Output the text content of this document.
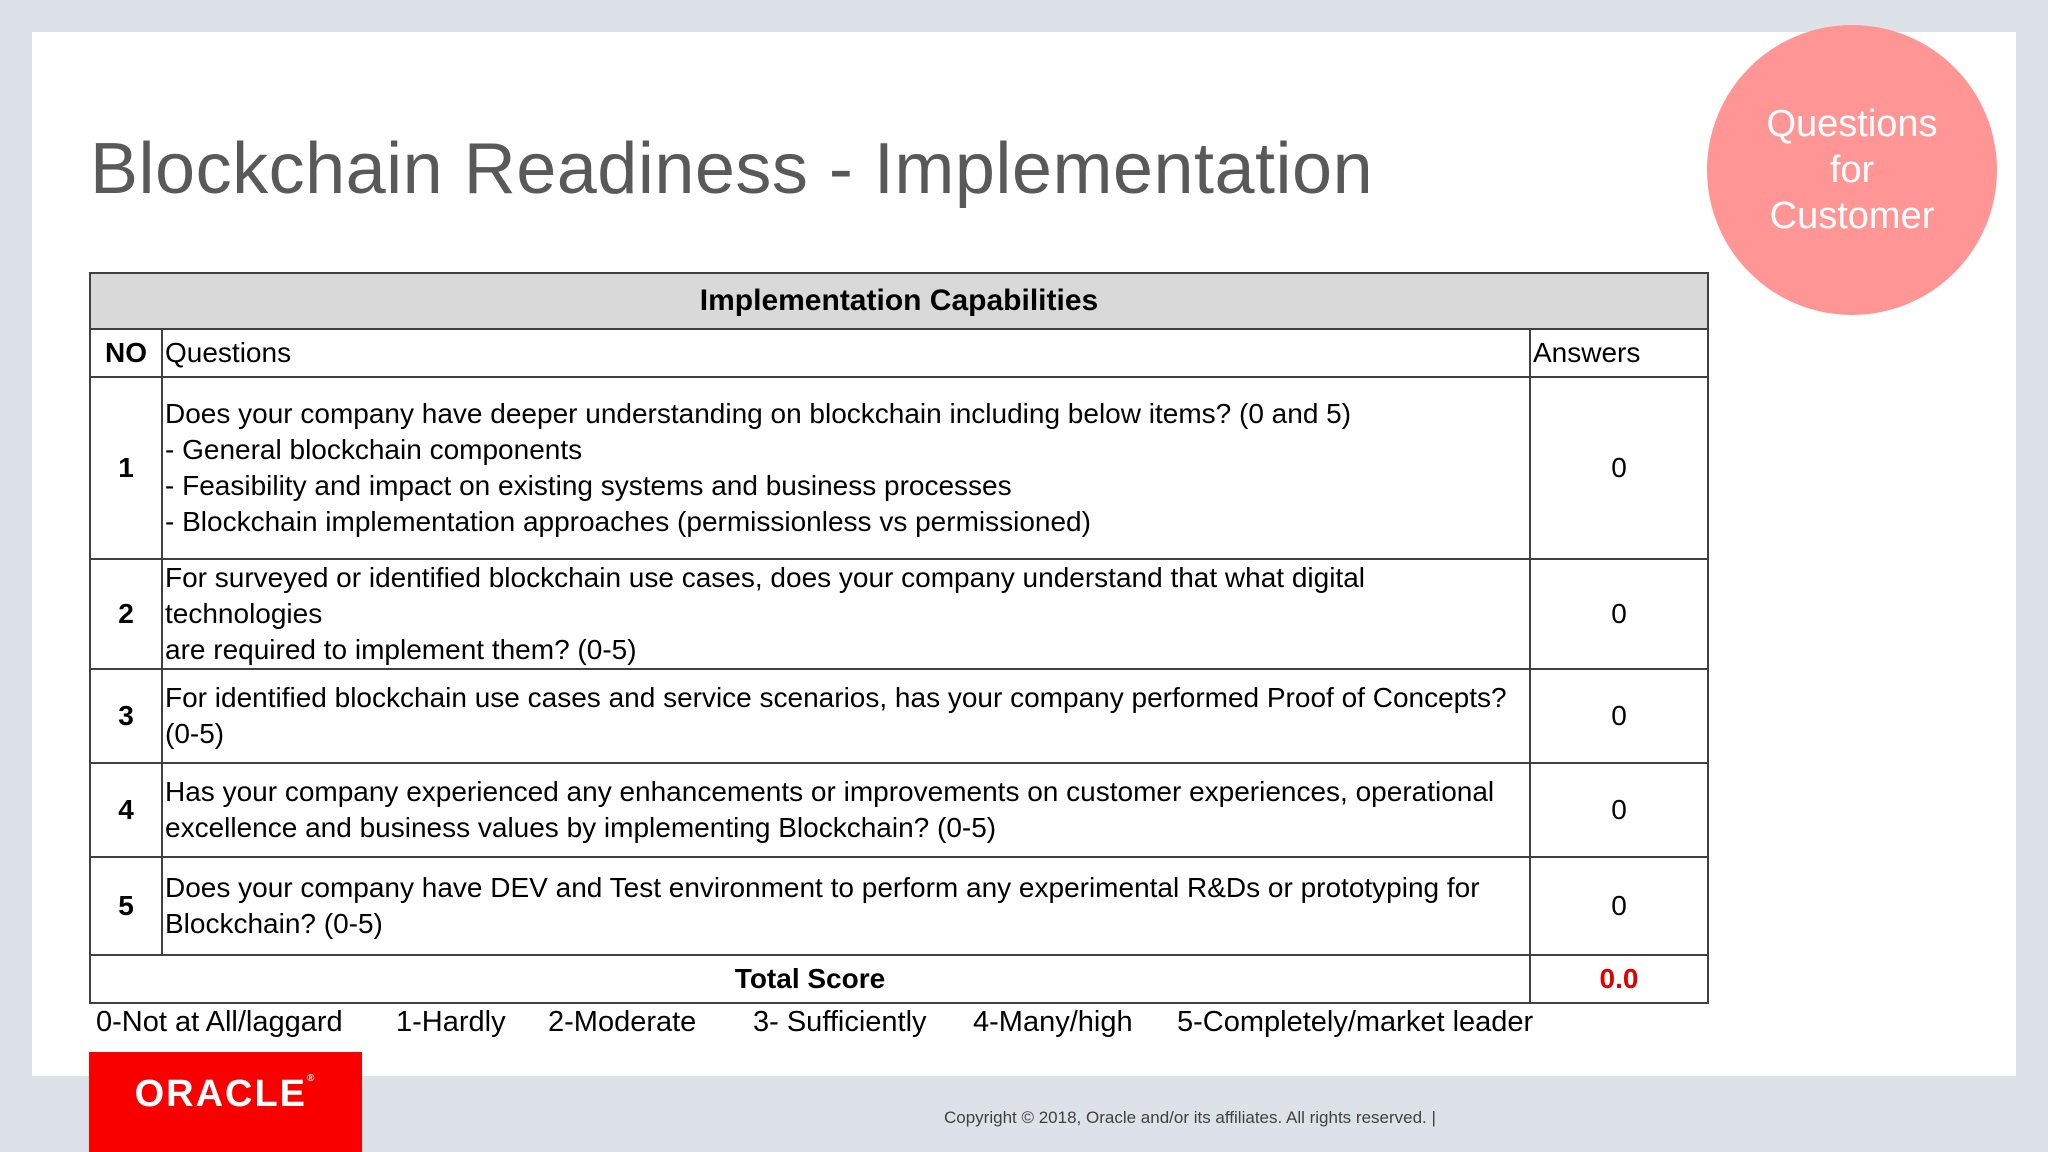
Blockchain Readiness - Implementation
Questions for Customer
Implementation Capabilities		
NO	Questions	Answers
1	Does your company have deeper understanding on blockchain including below items? (0 and 5)
- General blockchain components
- Feasibility and impact on existing systems and business processes
- Blockchain implementation approaches (permissionless vs permissioned)	0
2	For surveyed or identified blockchain use cases, does your company understand that what digital technologies
are required to implement them? (0-5)	0
3	For identified blockchain use cases and service scenarios, has your company performed Proof of Concepts? (0-5)	0
4	Has your company experienced any enhancements or improvements on customer experiences, operational
excellence and business values by implementing Blockchain? (0-5)	0
5	Does your company have DEV and Test environment to perform any experimental R&Ds or prototyping for
Blockchain? (0-5)	0
Total Score		0.0
0-Not at All/laggard 1-Hardly 2-Moderate 3- Sufficiently 4-Many/high 5-Completely/market leader
ORACLE®
Copyright © 2018, Oracle and/or its affiliates. All rights reserved. |
